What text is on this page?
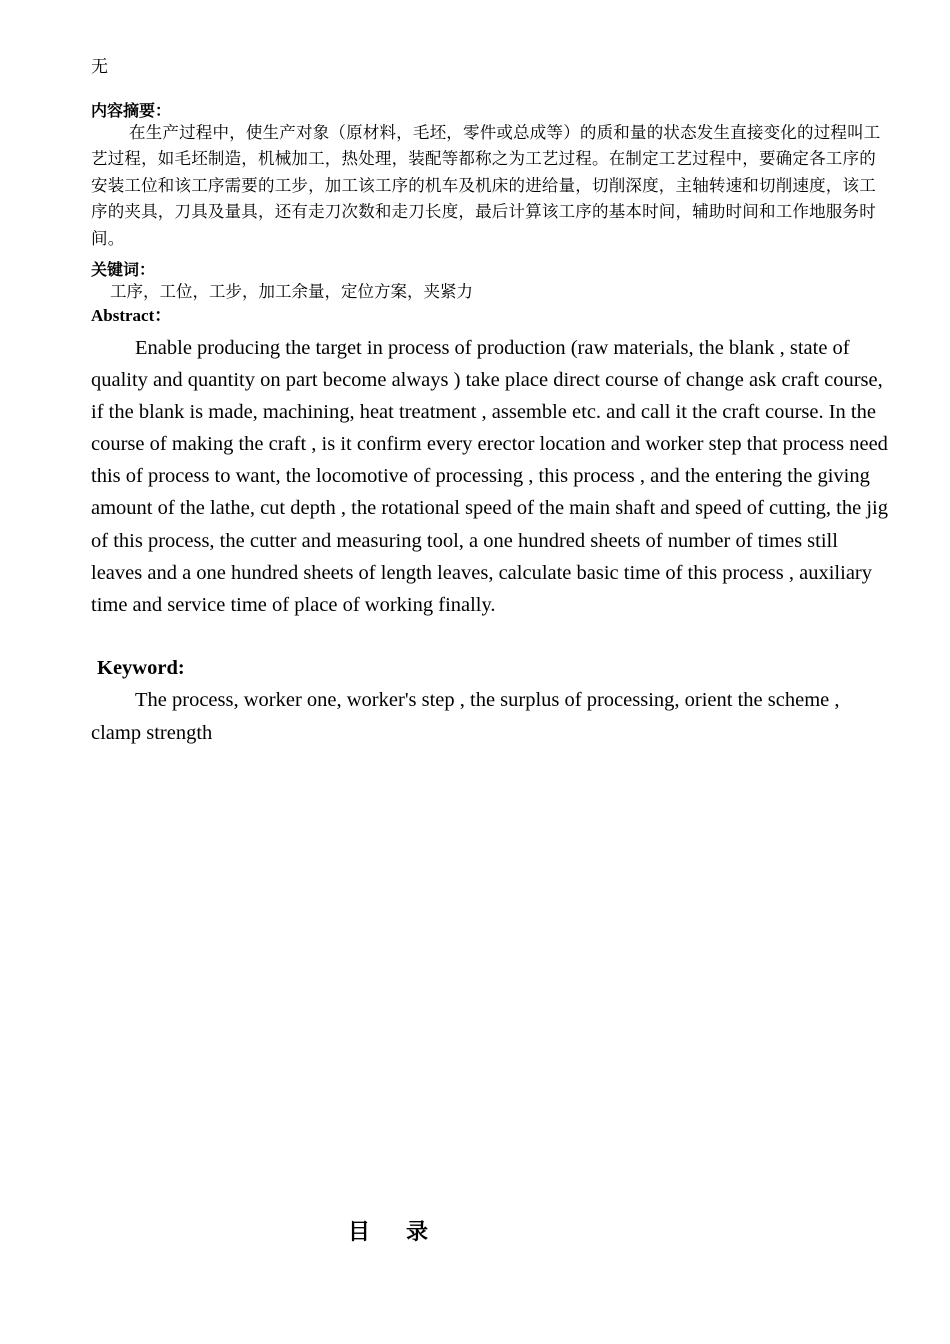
无
内容摘要：
在生产过程中，使生产对象（原材料，毛坯，零件或总成等）的质和量的状态发生直接变化的过程叫工艺过程，如毛坯制造，机械加工，热处理，装配等都称之为工艺过程。在制定工艺过程中，要确定各工序的安装工位和该工序需要的工步，加工该工序的机车及机床的进给量，切削深度，主轴转速和切削速度，该工序的夹具，刀具及量具，还有走刀次数和走刀长度，最后计算该工序的基本时间，辅助时间和工作地服务时间。
关键词：
工序，工位，工步，加工余量，定位方案，夹紧力
Abstract：
Enable producing the target in process of production (raw materials, the blank , state of quality and quantity on part become always ) take place direct course of change ask craft course, if the blank is made, machining, heat treatment , assemble etc. and call it the craft course. In the course of making the craft , is it confirm every erector location and worker step that process need this of process to want, the locomotive of processing , this process , and the entering the giving amount of the lathe, cut depth , the rotational speed of the main shaft and speed of cutting, the jig of this process, the cutter and measuring tool, a one hundred sheets of number of times still leaves and a one hundred sheets of length leaves, calculate basic time of this process , auxiliary time and service time of place of working finally.
Keyword:
The process, worker one, worker's step , the surplus of processing, orient the scheme , clamp strength
目录
